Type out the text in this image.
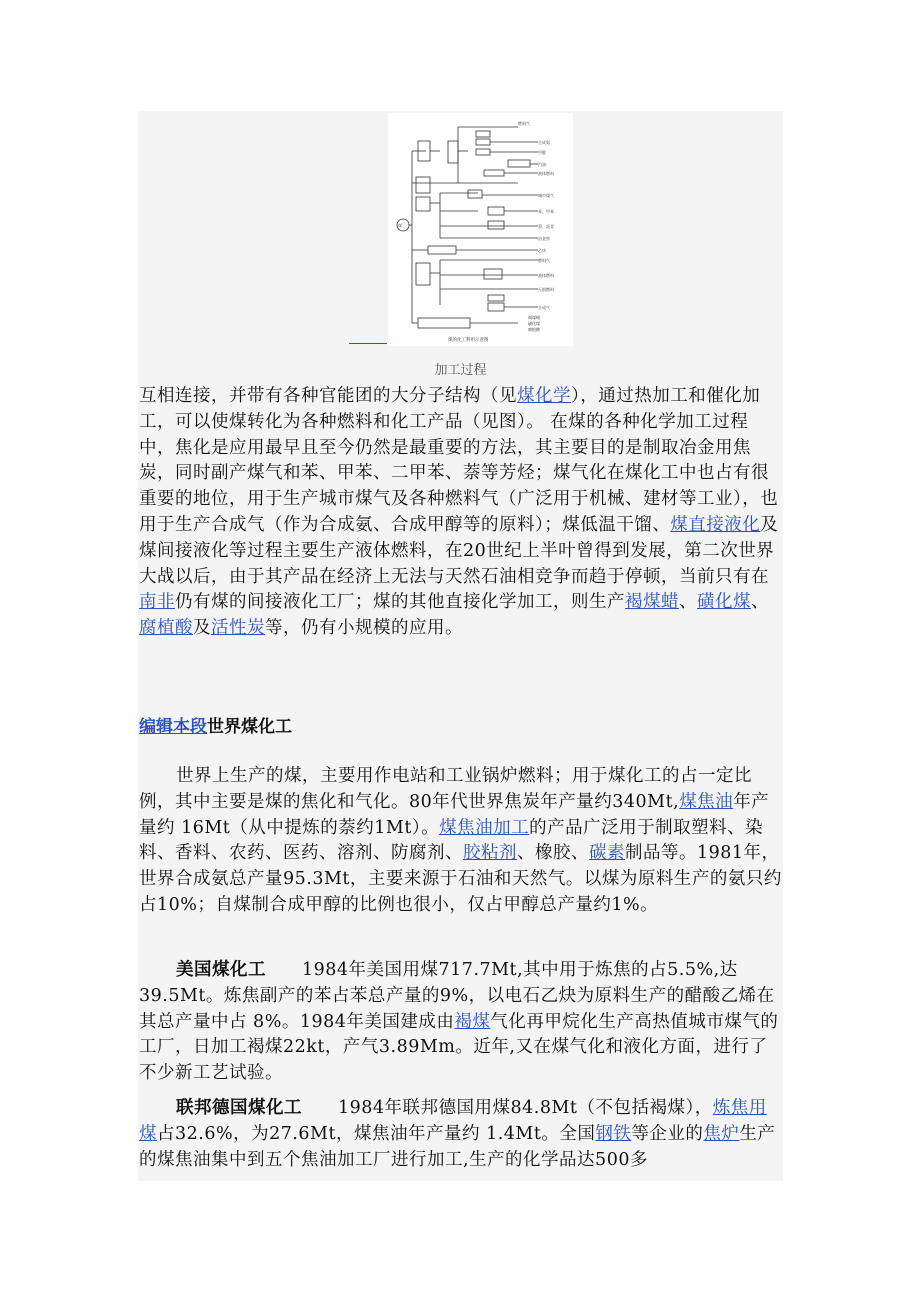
燃料气
合成氨
甲醇
汽油
液体燃料
城市煤气
苯、甲苯
萘、沥青
冶金焦
乙炔
燃料气
液体燃料
无烟燃料
合成气
褐煤蜡
磺化煤
腐植酸
煤
煤的化工利用示意图
加工过程
互相连接，并带有各种官能团的大分子结构（见煤化学），通过热加工和催化加工，可以使煤转化为各种燃料和化工产品（见图）。 在煤的各种化学加工过程中，焦化是应用最早且至今仍然是最重要的方法，其主要目的是制取冶金用焦炭，同时副产煤气和苯、甲苯、二甲苯、萘等芳烃；煤气化在煤化工中也占有很重要的地位，用于生产城市煤气及各种燃料气（广泛用于机械、建材等工业），也用于生产合成气（作为合成氨、合成甲醇等的原料）；煤低温干馏、煤直接液化及煤间接液化等过程主要生产液体燃料，在20世纪上半叶曾得到发展，第二次世界大战以后，由于其产品在经济上无法与天然石油相竞争而趋于停顿，当前只有在南非仍有煤的间接液化工厂；煤的其他直接化学加工，则生产褐煤蜡、磺化煤、腐植酸及活性炭等，仍有小规模的应用。
编辑本段世界煤化工
世界上生产的煤，主要用作电站和工业锅炉燃料；用于煤化工的占一定比例，其中主要是煤的焦化和气化。80年代世界焦炭年产量约340Mt,煤焦油年产量约 16Mt（从中提炼的萘约1Mt）。煤焦油加工的产品广泛用于制取塑料、染料、香料、农药、医药、溶剂、防腐剂、胶粘剂、橡胶、碳素制品等。1981年，世界合成氨总产量95.3Mt，主要来源于石油和天然气。以煤为原料生产的氨只约占10%；自煤制合成甲醇的比例也很小，仅占甲醇总产量约1%。
美国煤化工 1984年美国用煤717.7Mt,其中用于炼焦的占5.5%,达39.5Mt。炼焦副产的苯占苯总产量的9%，以电石乙炔为原料生产的醋酸乙烯在其总产量中占 8%。1984年美国建成由褐煤气化再甲烷化生产高热值城市煤气的工厂，日加工褐煤22kt，产气3.89Mm。近年,又在煤气化和液化方面，进行了不少新工艺试验。
联邦德国煤化工 1984年联邦德国用煤84.8Mt（不包括褐煤），炼焦用煤占32.6%，为27.6Mt，煤焦油年产量约 1.4Mt。全国钢铁等企业的焦炉生产的煤焦油集中到五个焦油加工厂进行加工,生产的化学品达500多
